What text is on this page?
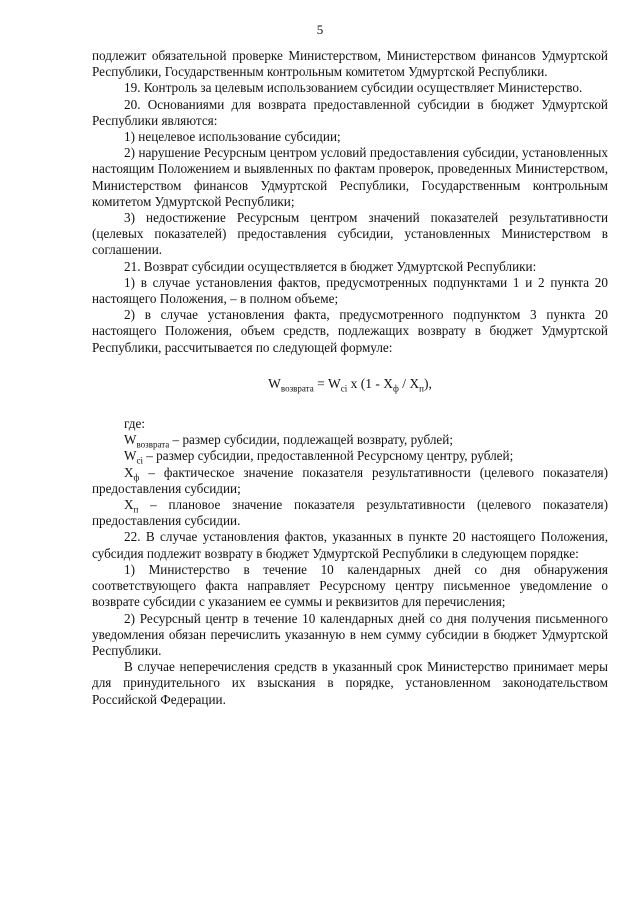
5

подлежит обязательной проверке Министерством, Министерством финансов Удмуртской Республики, Государственным контрольным комитетом Удмуртской Республики.

19. Контроль за целевым использованием субсидии осуществляет Министерство.

20. Основаниями для возврата предоставленной субсидии в бюджет Удмуртской Республики являются:

1) нецелевое использование субсидии;

2) нарушение Ресурсным центром условий предоставления субсидии, установленных настоящим Положением и выявленных по фактам проверок, проведенных Министерством, Министерством финансов Удмуртской Республики, Государственным контрольным комитетом Удмуртской Республики;

3) недостижение Ресурсным центром значений показателей результативности (целевых показателей) предоставления субсидии, установленных Министерством в соглашении.

21. Возврат субсидии осуществляется в бюджет Удмуртской Республики:

1) в случае установления фактов, предусмотренных подпунктами 1 и 2 пункта 20 настоящего Положения, – в полном объеме;

2) в случае установления факта, предусмотренного подпунктом 3 пункта 20 настоящего Положения, объем средств, подлежащих возврату в бюджет Удмуртской Республики, рассчитывается по следующей формуле:

$W_{возврата} = W_{ci}$ x $(1 - X_ф / X_п)$,

где:

$W_{возврата}$ – размер субсидии, подлежащей возврату, рублей;

$W_{ci}$ – размер субсидии, предоставленной Ресурсному центру, рублей;

$X_ф$ – фактическое значение показателя результативности (целевого показателя) предоставления субсидии;

$X_п$ – плановое значение показателя результативности (целевого показателя) предоставления субсидии.

22. В случае установления фактов, указанных в пункте 20 настоящего Положения, субсидия подлежит возврату в бюджет Удмуртской Республики в следующем порядке:

1) Министерство в течение 10 календарных дней со дня обнаружения соответствующего факта направляет Ресурсному центру письменное уведомление о возврате субсидии с указанием ее суммы и реквизитов для перечисления;

2) Ресурсный центр в течение 10 календарных дней со дня получения письменного уведомления обязан перечислить указанную в нем сумму субсидии в бюджет Удмуртской Республики.

В случае неперечисления средств в указанный срок Министерство принимает меры для принудительного их взыскания в порядке, установленном законодательством Российской Федерации.
